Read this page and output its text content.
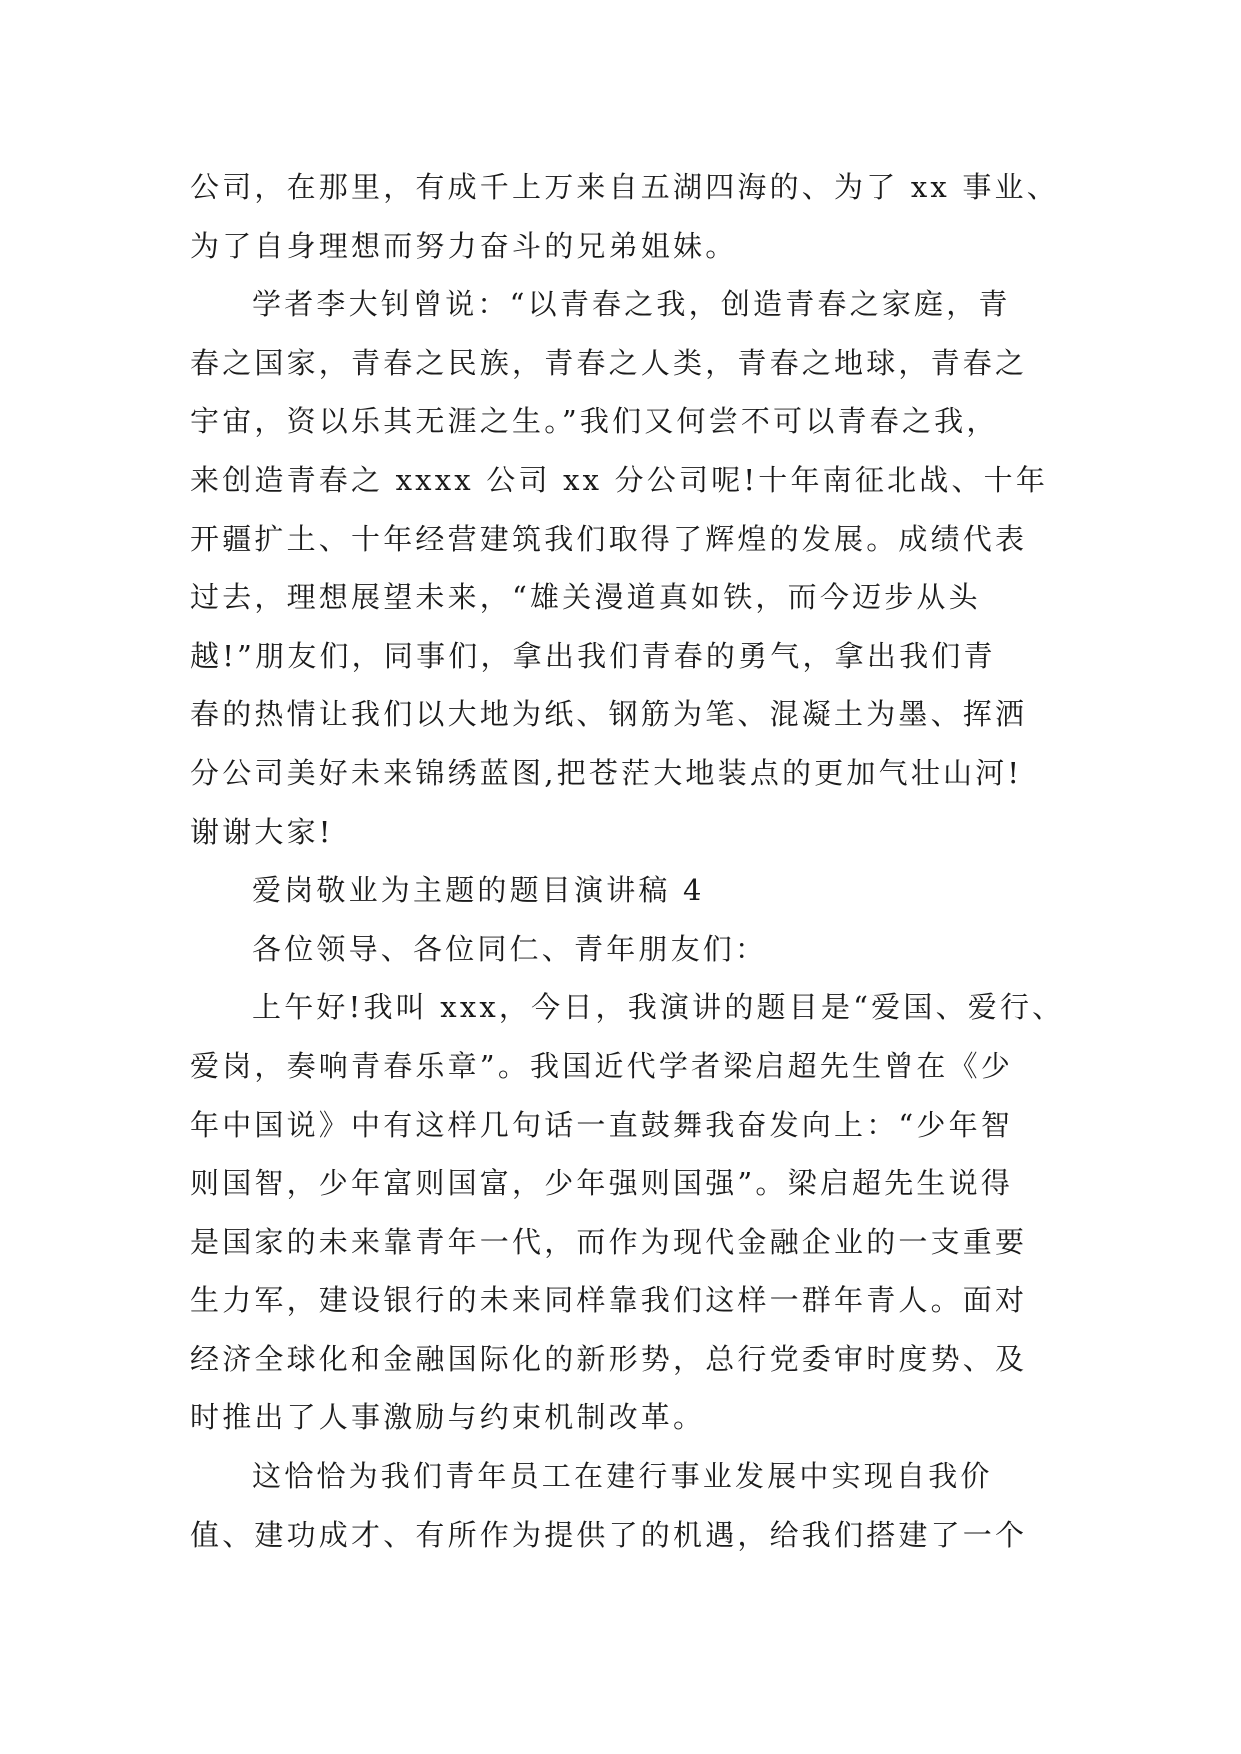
公司，在那里，有成千上万来自五湖四海的、为了 xx 事业、
为了自身理想而努力奋斗的兄弟姐妹。
学者李大钊曾说：“以青春之我，创造青春之家庭，青
春之国家，青春之民族，青春之人类，青春之地球，青春之
宇宙，资以乐其无涯之生。”我们又何尝不可以青春之我，
来创造青春之 xxxx 公司 xx 分公司呢!十年南征北战、十年
开疆扩土、十年经营建筑我们取得了辉煌的发展。成绩代表
过去，理想展望未来，“雄关漫道真如铁，而今迈步从头
越!”朋友们，同事们，拿出我们青春的勇气，拿出我们青
春的热情让我们以大地为纸、钢筋为笔、混凝土为墨、挥洒
分公司美好未来锦绣蓝图,把苍茫大地装点的更加气壮山河!
谢谢大家!
爱岗敬业为主题的题目演讲稿 4
各位领导、各位同仁、青年朋友们：
上午好!我叫 xxx，今日，我演讲的题目是“爱国、爱行、
爱岗，奏响青春乐章”。我国近代学者梁启超先生曾在《少
年中国说》中有这样几句话一直鼓舞我奋发向上：“少年智
则国智，少年富则国富，少年强则国强”。梁启超先生说得
是国家的未来靠青年一代，而作为现代金融企业的一支重要
生力军，建设银行的未来同样靠我们这样一群年青人。面对
经济全球化和金融国际化的新形势，总行党委审时度势、及
时推出了人事激励与约束机制改革。
这恰恰为我们青年员工在建行事业发展中实现自我价
值、建功成才、有所作为提供了的机遇，给我们搭建了一个
